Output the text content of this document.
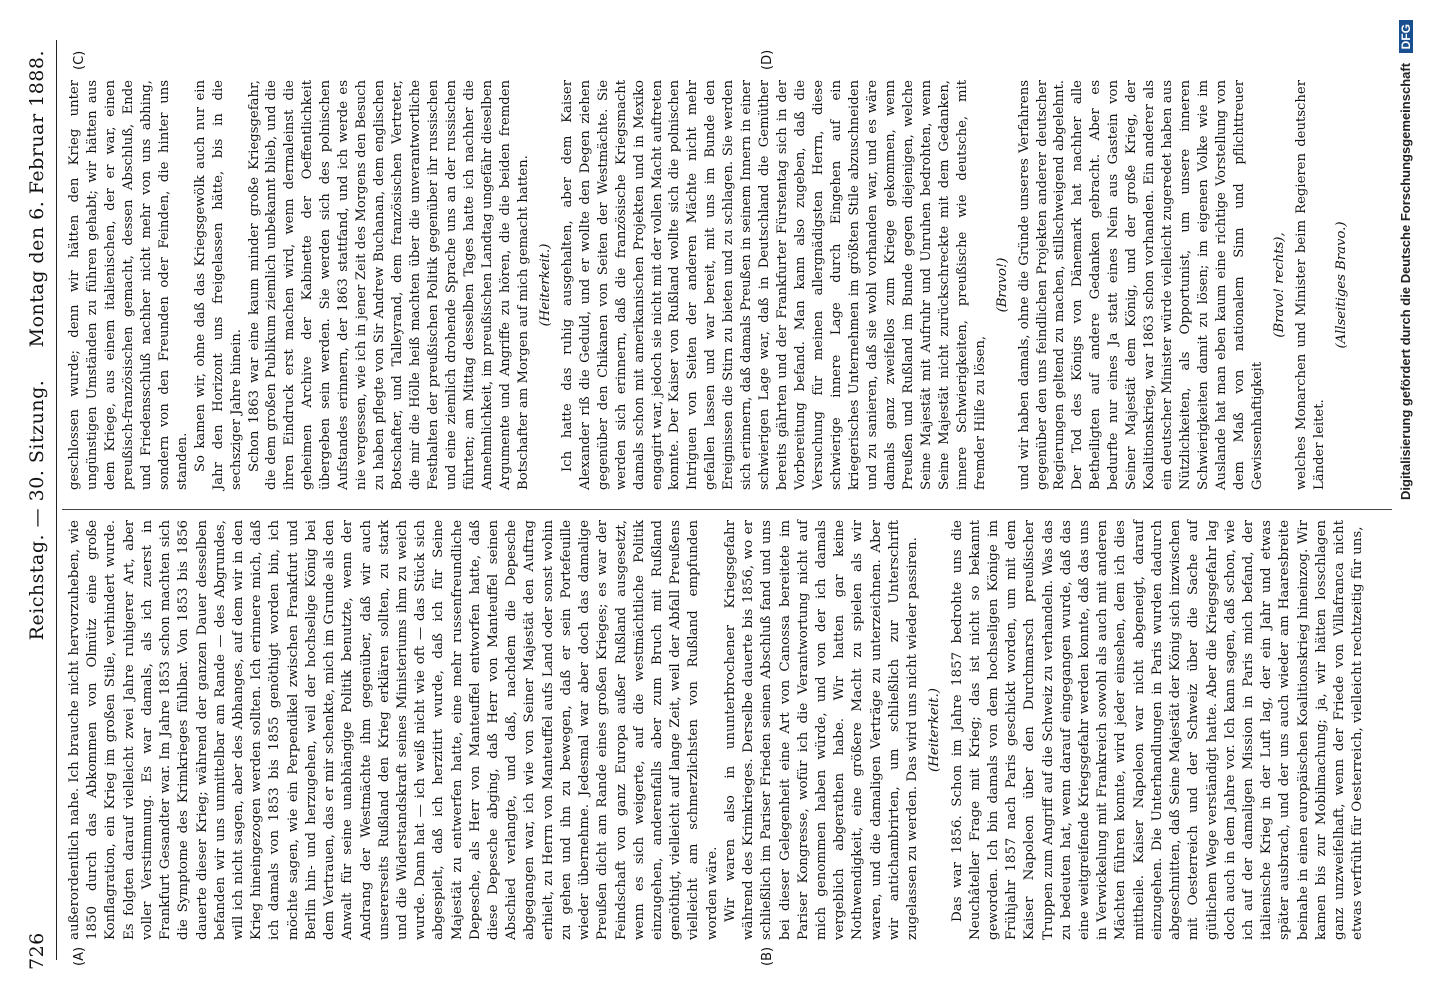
726
Reichstag. — 30. Sitzung.
Montag den 6. Februar 1888.
(A)	(B)
(C)	(D)

außerordentlich nahe. Ich brauche nicht hervorzuheben, wie 1850 durch das Abkommen von Olmütz eine große Konflagration, ein Krieg im großen Stile, verhindert wurde. Es folgten darauf vielleicht zwei Jahre ruhigerer Art, aber voller Verstimmung. Es war damals, als ich zuerst in Frankfurt Gesandter war. Im Jahre 1853 schon machten sich die Symptome des Krimkrieges fühlbar. Von 1853 bis 1856 dauerte dieser Krieg; während der ganzen Dauer desselben befanden wir uns unmittelbar am Rande — des Abgrundes, will ich nicht sagen, aber des Abhanges, auf dem wir in den Krieg hineingezogen werden sollten. Ich erinnere mich, daß ich damals von 1853 bis 1855 genöthigt worden bin, ich möchte sagen, wie ein Perpendikel zwischen Frankfurt und Berlin hin- und herzugehen, weil der hochselige König bei dem Vertrauen, das er mir schenkte, mich im Grunde als den Anwalt für seine unabhängige Politik benutzte, wenn der Andrang der Westmächte ihm gegenüber, daß wir auch unsererseits Rußland den Krieg erklären sollten, zu stark und die Widerstandskraft seines Ministeriums ihm zu weich wurde. Dann hat — ich weiß nicht wie oft — das Stück sich abgespielt, daß ich herzitirt wurde, daß ich für Seine Majestät zu entwerfen hatte, eine mehr russenfreundliche Depesche, als Herr von Manteuffel entworfen hatte, daß diese Depesche abging, daß Herr von Manteuffel seinen Abschied verlangte, und daß, nachdem die Depesche abgegangen war, ich wie von Seiner Majestät den Auftrag erhielt, zu Herrn von Manteuffel aufs Land oder sonst wohin zu gehen und ihn zu bewegen, daß er sein Portefeuille wieder übernehme. Jedesmal war aber doch das damalige Preußen dicht am Rande eines großen Krieges; es war der Feindschaft von ganz Europa außer Rußland ausgesetzt, wenn es sich weigerte, auf die westmächtliche Politik einzugehen, anderenfalls aber zum Bruch mit Rußland genöthigt, vielleicht auf lange Zeit, weil der Abfall Preußens vielleicht am schmerzlichsten von Rußland empfunden worden wäre. Wir waren also in ununterbrochener Kriegsgefahr während des Krimkrieges. Derselbe dauerte bis 1856, wo er schließlich im Pariser Frieden seinen Abschluß fand und uns bei dieser Gelegenheit eine Art von Canossa bereitete im Pariser Kongresse, wofür ich die Verantwortung nicht auf mich genommen haben würde, und von der ich damals vergeblich abgerathen habe. Wir hatten gar keine Nothwendigkeit, eine größere Macht zu spielen als wir waren, und die damaligen Verträge zu unterzeichnen. Aber wir antichambrirten, um schließlich zur Unterschrift zugelassen zu werden. Das wird uns nicht wieder passiren. (Heiterkeit.) Das war 1856. Schon im Jahre 1857 bedrohte uns die Neuchâteller Frage mit Krieg; das ist nicht so bekannt geworden. Ich bin damals von dem hochseligen Könige im Frühjahr 1857 nach Paris geschickt worden, um mit dem Kaiser Napoleon über den Durchmarsch preußischer Truppen zum Angriff auf die Schweiz zu verhandeln. Was das zu bedeuten hat, wenn darauf eingegangen wurde, daß das eine weitgreifende Kriegsgefahr werden konnte, daß das uns in Verwickelung mit Frankreich sowohl als auch mit anderen Mächten führen konnte, wird jeder einsehen, dem ich dies mittheile. Kaiser Napoleon war nicht abgeneigt, darauf einzugehen. Die Unterhandlungen in Paris wurden dadurch abgeschnitten, daß Seine Majestät der König sich inzwischen mit Oesterreich und der Schweiz über die Sache auf gütlichem Wege verständigt hatte. Aber die Kriegsgefahr lag doch auch in dem Jahre vor. Ich kann sagen, daß schon, wie ich auf der damaligen Mission in Paris mich befand, der italienische Krieg in der Luft lag, der ein Jahr und etwas später ausbrach, und der uns auch wieder am Haaresbreite beinahe in einen europäischen Koalitionskrieg hineinzog. Wir kamen bis zur Mobilmachung; ja, wir hätten losschlagen ganz unzweifelhaft, wenn der Friede von Villafranca nicht etwas verfrüht für Oesterreich, vielleicht rechtzeitig für uns,

geschlossen wurde; denn wir hätten den Krieg unter ungünstigen Umständen zu führen gehabt; wir hätten aus dem Kriege, aus einem italienischen, der er war, einen preußisch-französischen gemacht, dessen Abschluß, Ende und Friedensschluß nachher nicht mehr von uns abhing, sondern von den Freunden oder Feinden, die hinter uns standen. So kamen wir, ohne daß das Kriegsgewölk auch nur ein Jahr den Horizont uns freigelassen hätte, bis in die sechsziger Jahre hinein. Schon 1863 war eine kaum minder große Kriegsgefahr, die dem großen Publikum ziemlich unbekannt blieb, und die ihren Eindruck erst machen wird, wenn dermaleinst die geheimen Archive der Kabinette der Oeffentlichkeit übergeben sein werden. Sie werden sich des polnischen Aufstandes erinnern, der 1863 stattfand, und ich werde es nie vergessen, wie ich in jener Zeit des Morgens den Besuch zu haben pflegte von Sir Andrew Buchanan, dem englischen Botschafter, und Talleyrand, dem französischen Vertreter, die mir die Hölle heiß machten über die unverantwortliche Festhalten der preußischen Politik gegenüber ihr russischen und eine ziemlich drohende Sprache uns an der russischen führten; am Mittag desselben Tages hatte ich nachher die Annehmlichkeit, im preußischen Landtag ungefähr dieselben Argumente und Angriffe zu hören, die die beiden fremden Botschafter am Morgen auf mich gemacht hatten. (Heiterkeit.) Ich hatte das ruhig ausgehalten, aber dem Kaiser Alexander riß die Geduld, und er wollte den Degen ziehen gegenüber den Chikanen von Seiten der Westmächte. Sie werden sich erinnern, daß die französische Kriegsmacht damals schon mit amerikanischen Projekten und in Mexiko engagirt war, jedoch sie nicht mit der vollen Macht auftreten konnte. Der Kaiser von Rußland wollte sich die polnischen Intriguen von Seiten der anderen Mächte nicht mehr gefallen lassen und war bereit, mit uns im Bunde den Ereignissen die Stirn zu bieten und zu schlagen. Sie werden sich erinnern, daß damals Preußen in seinem Innern in einer schwierigen Lage war, daß in Deutschland die Gemüther bereits gährten und der Frankfurter Fürstentag sich in der Vorbereitung befand. Man kann also zugeben, daß die Versuchung für meinen allergnädigsten Herrn, diese schwierige innere Lage durch Eingehen auf ein kriegerisches Unternehmen im größten Stile abzuschneiden und zu sanieren, daß sie wohl vorhanden war, und es wäre damals ganz zweifellos zum Kriege gekommen, wenn Preußen und Rußland im Bunde gegen diejenigen, welche Seine Majestät mit Aufruhr und Unruhen bedrohten, wenn Seine Majestät nicht zurückschreckte mit dem Gedanken, innere Schwierigkeiten, preußische wie deutsche, mit fremder Hilfe zu lösen,

(Bravo!) und wir haben damals, ohne die Gründe unseres Verfahrens gegenüber den uns feindlichen Projekten anderer deutscher Regierungen geltend zu machen, stillschweigend abgelehnt. Der Tod des Königs von Dänemark hat nachher alle Betheiligten auf andere Gedanken gebracht. Aber es bedurfte nur eines Ja statt eines Nein aus Gastein von Seiner Majestät dem König, und der große Krieg, der Koalitionskrieg, war 1863 schon vorhanden. Ein anderer als ein deutscher Minister würde vielleicht zugeredet haben aus Nützlichkeiten, als Opportunist, um unsere inneren Schwierigkeiten damit zu lösen; im eigenen Volke wie im Auslande hat man eben kaum eine richtige Vorstellung von dem Maß von nationalem Sinn und pflichttreuer Gewissenhaftigkeit

(Bravo! rechts), welches Monarchen und Minister beim Regieren deutscher Länder leitet.

(Allseitiges Bravo.)	Digitalisierung gefördert durch die Deutsche Forschungsgemeinschaft DFG
